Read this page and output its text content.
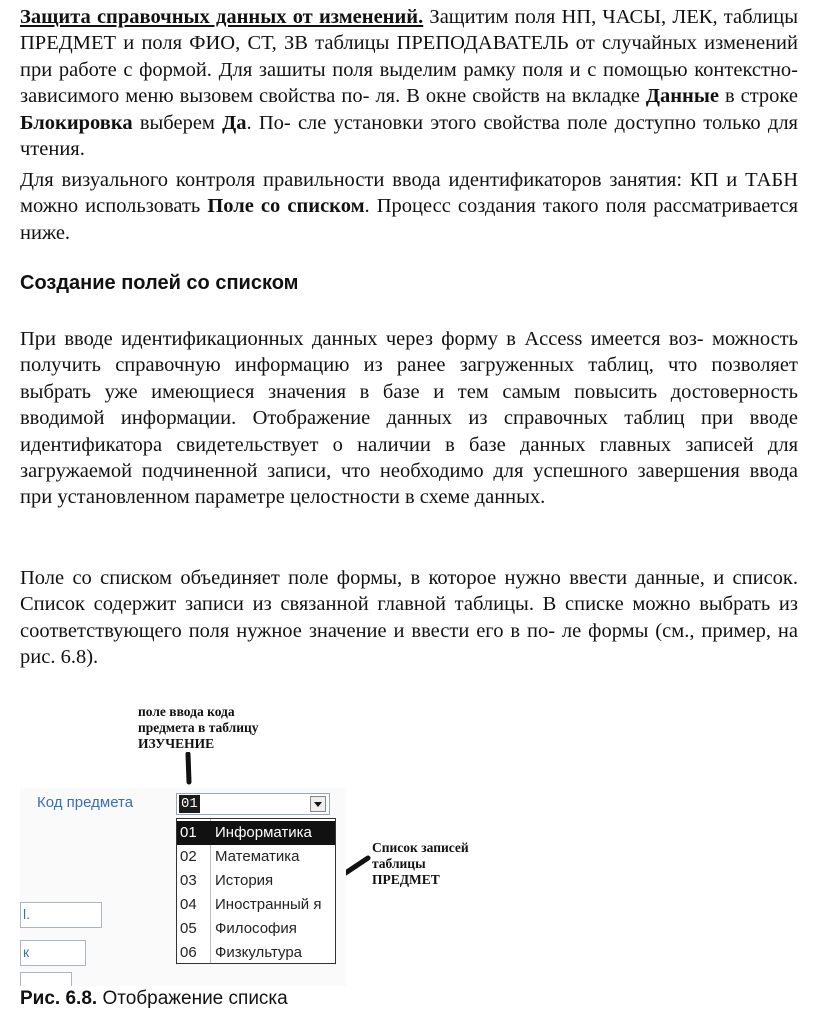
Защита справочных данных от изменений. Защитим поля НП, ЧАСЫ, ЛЕК, таблицы ПРЕДМЕТ и поля ФИО, СТ, ЗВ таблицы ПРЕПОДАВАТЕЛЬ от случайных изменений при работе с формой. Для зашиты поля выделим рамку поля и с помощью контекстно-зависимого меню вызовем свойства по- ля. В окне свойств на вкладке Данные в строке Блокировка выберем Да. По- сле установки этого свойства поле доступно только для чтения.
Для визуального контроля правильности ввода идентификаторов занятия: КП и ТАБН можно использовать Поле со списком. Процесс создания такого поля рассматривается ниже.
Создание полей со списком
При вводе идентификационных данных через форму в Access имеется воз- можность получить справочную информацию из ранее загруженных таблиц, что позволяет выбрать уже имеющиеся значения в базе и тем самым повысить достоверность вводимой информации. Отображение данных из справочных таблиц при вводе идентификатора свидетельствует о наличии в базе данных главных записей для загружаемой подчиненной записи, что необходимо для успешного завершения ввода при установленном параметре целостности в схеме данных.
Поле со списком объединяет поле формы, в которое нужно ввести данные, и список. Список содержит записи из связанной главной таблицы. В списке можно выбрать из соответствующего поля нужное значение и ввести его в по- ле формы (см., пример, на рис. 6.8).
поле ввода кода
предмета в таблицу
ИЗУЧЕНИЕ
Список записей
таблицы
ПРЕДМЕТ
Код предмета	01
01 Информатика
02 Математика
03 История
04 Иностранный я
05 Философия
06 Физкультура
l.
к
Рис. 6.8. Отображение списка
